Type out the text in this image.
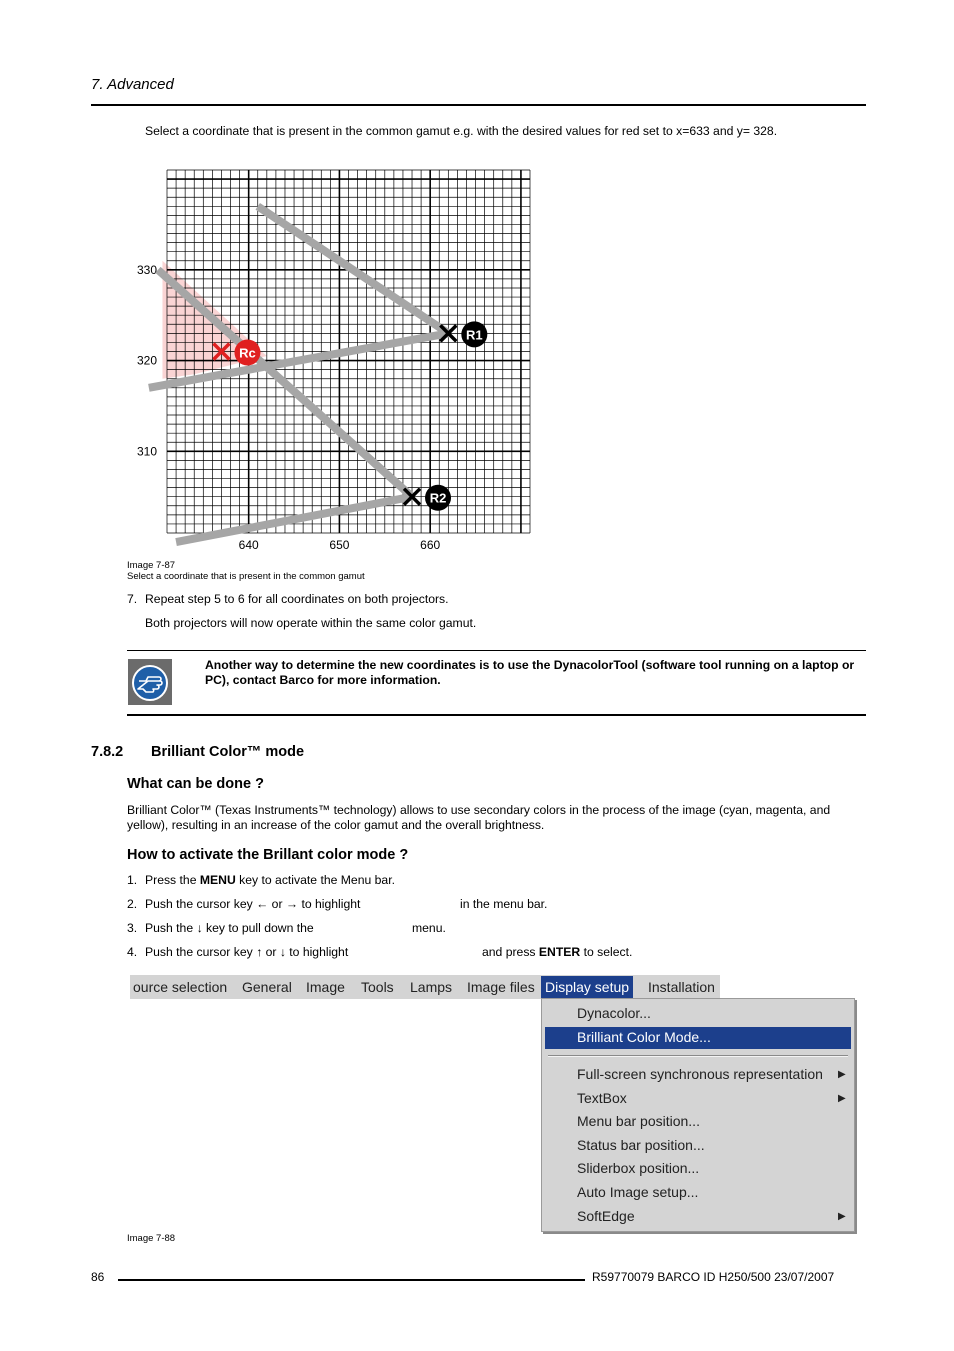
7. Advanced
Select a coordinate that is present in the common gamut e.g. with the desired values for red set to x=633 and y= 328.
640	650	660
310
320
330
R1
R2
Rc
Image 7-87
Select a coordinate that is present in the common gamut
7. Repeat step 5 to 6 for all coordinates on both projectors.
Both projectors will now operate within the same color gamut.
Another way to determine the new coordinates is to use the DynacolorTool (software tool running on a laptop or PC), contact Barco for more information.
7.8.2 Brilliant Color™ mode
What can be done ?
Brilliant Color™ (Texas Instruments™ technology) allows to use secondary colors in the process of the image (cyan, magenta, and yellow), resulting in an increase of the color gamut and the overall brightness.
How to activate the Brillant color mode ?
1. Press the MENU key to activate the Menu bar.
2. Push the cursor key ← or → to highlight	in the menu bar.
3. Push the ↓ key to pull down the	menu.
4. Push the cursor key ↑ or ↓ to highlight	and press ENTER to select.
ource selection General Image Tools Lamps Image files Display setup Installation
Dynacolor...
Brilliant Color Mode...
Full-screen synchronous representation ▶
TextBox	▶
Menu bar position...
Status bar position...
Sliderbox position...
Auto Image setup...
SoftEdge	▶
Image 7-88
86	R59770079 BARCO ID H250/500 23/07/2007
